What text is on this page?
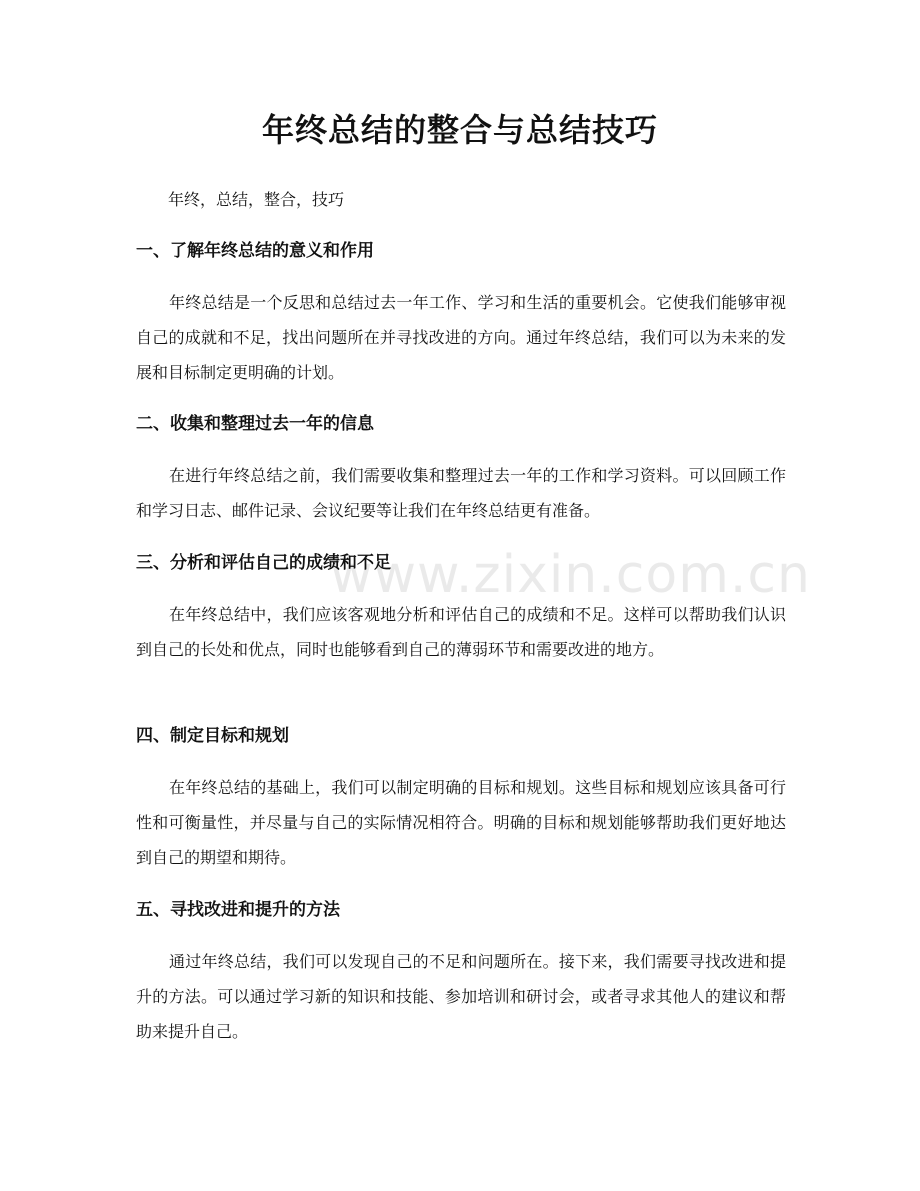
www.zixin.com.cn
年终总结的整合与总结技巧

年终，总结，整合，技巧

一、了解年终总结的意义和作用

年终总结是一个反思和总结过去一年工作、学习和生活的重要机会。它使我们能够审视自己的成就和不足，找出问题所在并寻找改进的方向。通过年终总结，我们可以为未来的发展和目标制定更明确的计划。

二、收集和整理过去一年的信息

在进行年终总结之前，我们需要收集和整理过去一年的工作和学习资料。可以回顾工作和学习日志、邮件记录、会议纪要等让我们在年终总结更有准备。

三、分析和评估自己的成绩和不足

在年终总结中，我们应该客观地分析和评估自己的成绩和不足。这样可以帮助我们认识到自己的长处和优点，同时也能够看到自己的薄弱环节和需要改进的地方。

四、制定目标和规划

在年终总结的基础上，我们可以制定明确的目标和规划。这些目标和规划应该具备可行性和可衡量性，并尽量与自己的实际情况相符合。明确的目标和规划能够帮助我们更好地达到自己的期望和期待。

五、寻找改进和提升的方法

通过年终总结，我们可以发现自己的不足和问题所在。接下来，我们需要寻找改进和提升的方法。可以通过学习新的知识和技能、参加培训和研讨会，或者寻求其他人的建议和帮助来提升自己。
